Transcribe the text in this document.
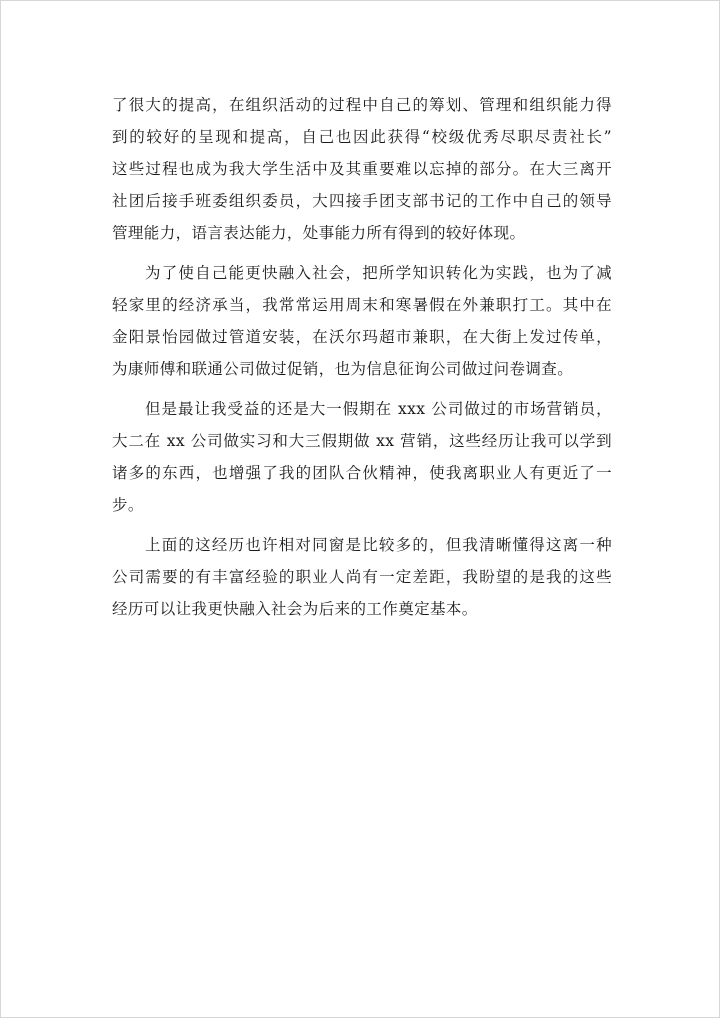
了很大的提高，在组织活动的过程中自己的筹划、管理和组织能力得
到的较好的呈现和提高，自己也因此获得“校级优秀尽职尽责社长”
这些过程也成为我大学生活中及其重要难以忘掉的部分。在大三离开
社团后接手班委组织委员，大四接手团支部书记的工作中自己的领导
管理能力，语言表达能力，处事能力所有得到的较好体现。
为了使自己能更快融入社会，把所学知识转化为实践，也为了减
轻家里的经济承当，我常常运用周末和寒暑假在外兼职打工。其中在
金阳景怡园做过管道安装，在沃尔玛超市兼职，在大街上发过传单，
为康师傅和联通公司做过促销，也为信息征询公司做过问卷调查。
但是最让我受益的还是大一假期在 xxx 公司做过的市场营销员，
大二在 xx 公司做实习和大三假期做 xx 营销，这些经历让我可以学到
诸多的东西，也增强了我的团队合伙精神，使我离职业人有更近了一
步。
上面的这经历也许相对同窗是比较多的，但我清晰懂得这离一种
公司需要的有丰富经验的职业人尚有一定差距，我盼望的是我的这些
经历可以让我更快融入社会为后来的工作奠定基本。
